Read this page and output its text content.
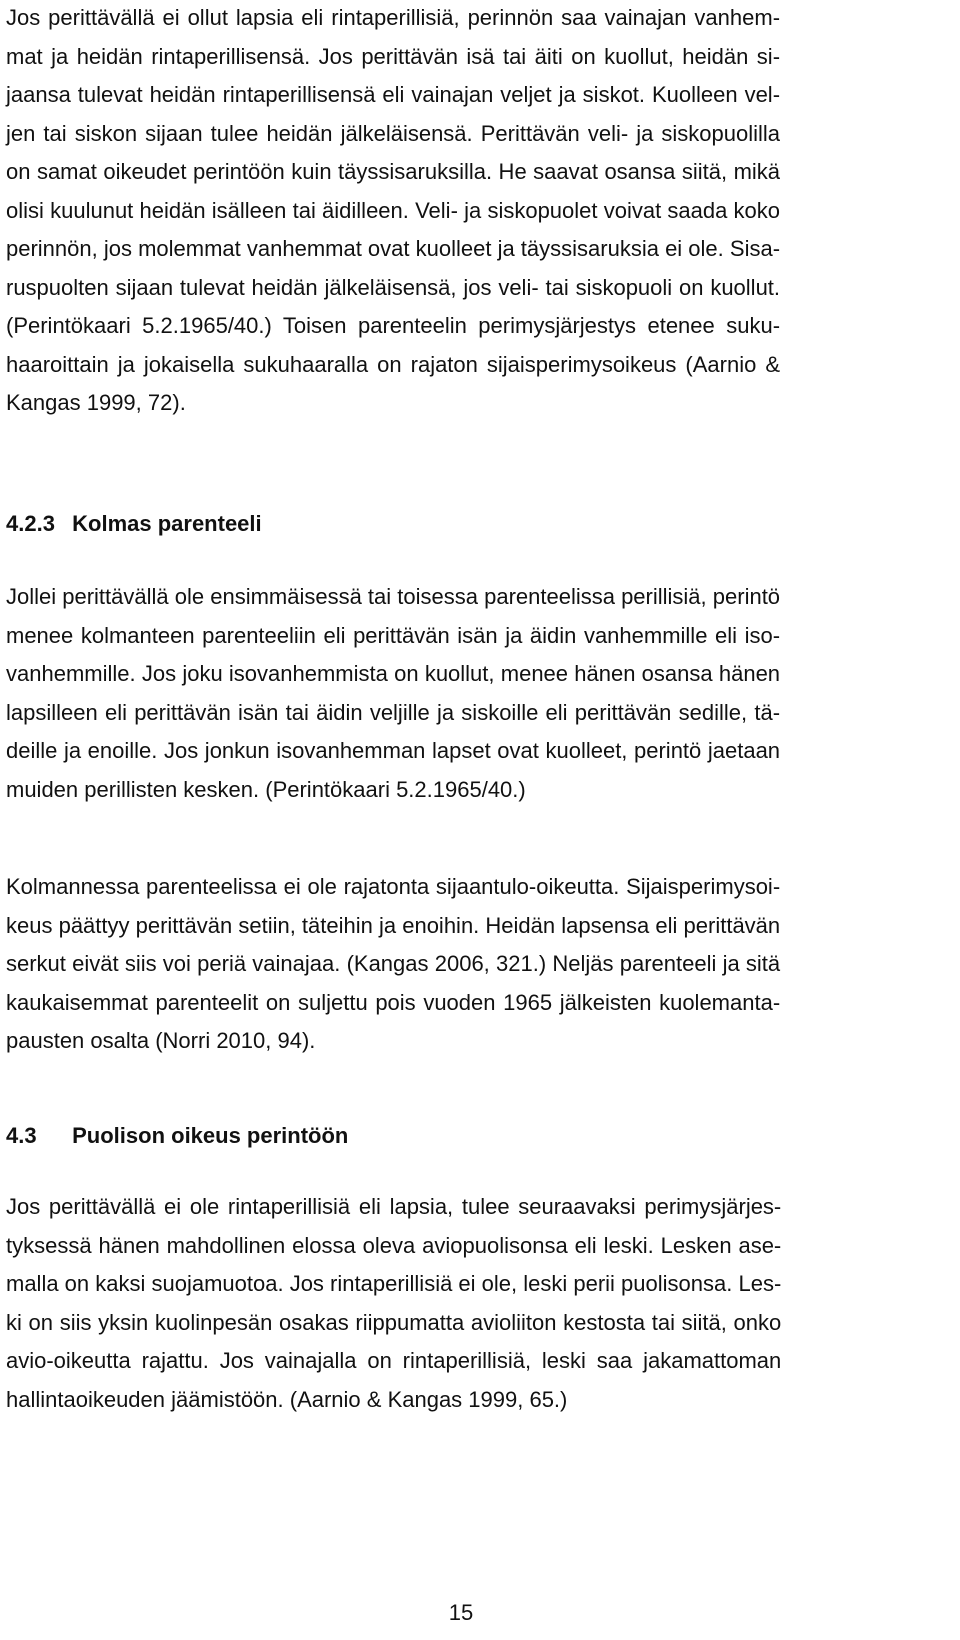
Jos perittävällä ei ollut lapsia eli rintaperillisiä, perinnön saa vainajan vanhem-
mat ja heidän rintaperillisensä. Jos perittävän isä tai äiti on kuollut, heidän si-
jaansa tulevat heidän rintaperillisensä eli vainajan veljet ja siskot. Kuolleen vel-
jen tai siskon sijaan tulee heidän jälkeläisensä. Perittävän veli- ja siskopuolilla
on samat oikeudet perintöön kuin täyssisaruksilla. He saavat osansa siitä, mikä
olisi kuulunut heidän isälleen tai äidilleen. Veli- ja siskopuolet voivat saada koko
perinnön, jos molemmat vanhemmat ovat kuolleet ja täyssisaruksia ei ole. Sisa-
ruspuolten sijaan tulevat heidän jälkeläisensä, jos veli- tai siskopuoli on kuollut.
(Perintökaari 5.2.1965/40.) Toisen parenteelin perimysjärjestys etenee suku-
haaroittain ja jokaisella sukuhaaralla on rajaton sijaisperimysoikeus (Aarnio &
Kangas 1999, 72).
4.2.3 Kolmas parenteeli
Jollei perittävällä ole ensimmäisessä tai toisessa parenteelissa perillisiä, perintö
menee kolmanteen parenteeliin eli perittävän isän ja äidin vanhemmille eli iso-
vanhemmille. Jos joku isovanhemmista on kuollut, menee hänen osansa hänen
lapsilleen eli perittävän isän tai äidin veljille ja siskoille eli perittävän sedille, tä-
deille ja enoille. Jos jonkun isovanhemman lapset ovat kuolleet, perintö jaetaan
muiden perillisten kesken. (Perintökaari 5.2.1965/40.)
Kolmannessa parenteelissa ei ole rajatonta sijaantulo-oikeutta. Sijaisperimysoi-
keus päättyy perittävän setiin, täteihin ja enoihin. Heidän lapsensa eli perittävän
serkut eivät siis voi periä vainajaa. (Kangas 2006, 321.) Neljäs parenteeli ja sitä
kaukaisemmat parenteelit on suljettu pois vuoden 1965 jälkeisten kuolemanta-
pausten osalta (Norri 2010, 94).
4.3 Puolison oikeus perintöön
Jos perittävällä ei ole rintaperillisiä eli lapsia, tulee seuraavaksi perimysjärjes-
tyksessä hänen mahdollinen elossa oleva aviopuolisonsa eli leski. Lesken ase-
malla on kaksi suojamuotoa. Jos rintaperillisiä ei ole, leski perii puolisonsa. Les-
ki on siis yksin kuolinpesän osakas riippumatta avioliiton kestosta tai siitä, onko
avio-oikeutta rajattu. Jos vainajalla on rintaperillisiä, leski saa jakamattoman
hallintaoikeuden jäämistöön. (Aarnio & Kangas 1999, 65.)
15
